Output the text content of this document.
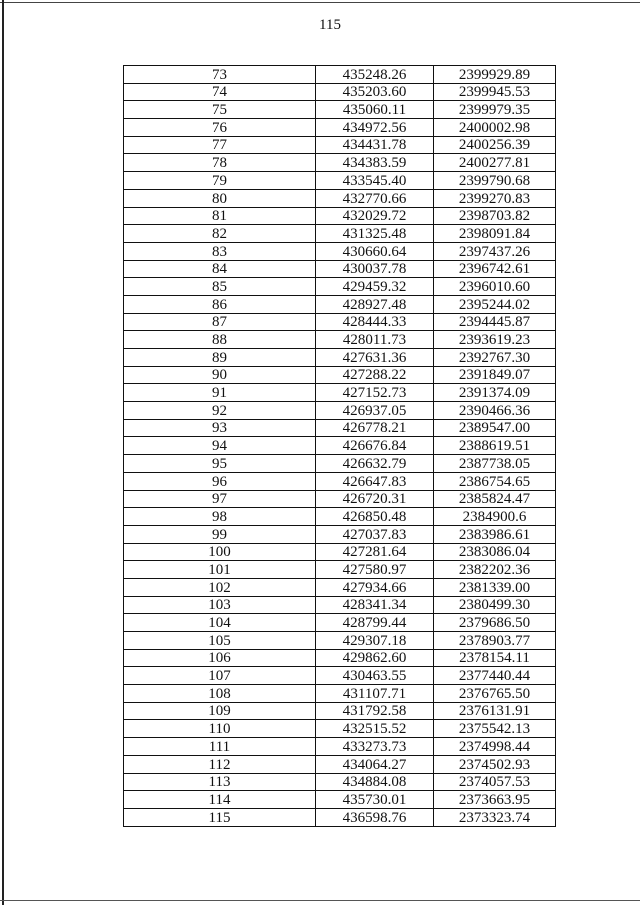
115
73	435248.26	2399929.89
74	435203.60	2399945.53
75	435060.11	2399979.35
76	434972.56	2400002.98
77	434431.78	2400256.39
78	434383.59	2400277.81
79	433545.40	2399790.68
80	432770.66	2399270.83
81	432029.72	2398703.82
82	431325.48	2398091.84
83	430660.64	2397437.26
84	430037.78	2396742.61
85	429459.32	2396010.60
86	428927.48	2395244.02
87	428444.33	2394445.87
88	428011.73	2393619.23
89	427631.36	2392767.30
90	427288.22	2391849.07
91	427152.73	2391374.09
92	426937.05	2390466.36
93	426778.21	2389547.00
94	426676.84	2388619.51
95	426632.79	2387738.05
96	426647.83	2386754.65
97	426720.31	2385824.47
98	426850.48	2384900.6
99	427037.83	2383986.61
100	427281.64	2383086.04
101	427580.97	2382202.36
102	427934.66	2381339.00
103	428341.34	2380499.30
104	428799.44	2379686.50
105	429307.18	2378903.77
106	429862.60	2378154.11
107	430463.55	2377440.44
108	431107.71	2376765.50
109	431792.58	2376131.91
110	432515.52	2375542.13
111	433273.73	2374998.44
112	434064.27	2374502.93
113	434884.08	2374057.53
114	435730.01	2373663.95
115	436598.76	2373323.74
